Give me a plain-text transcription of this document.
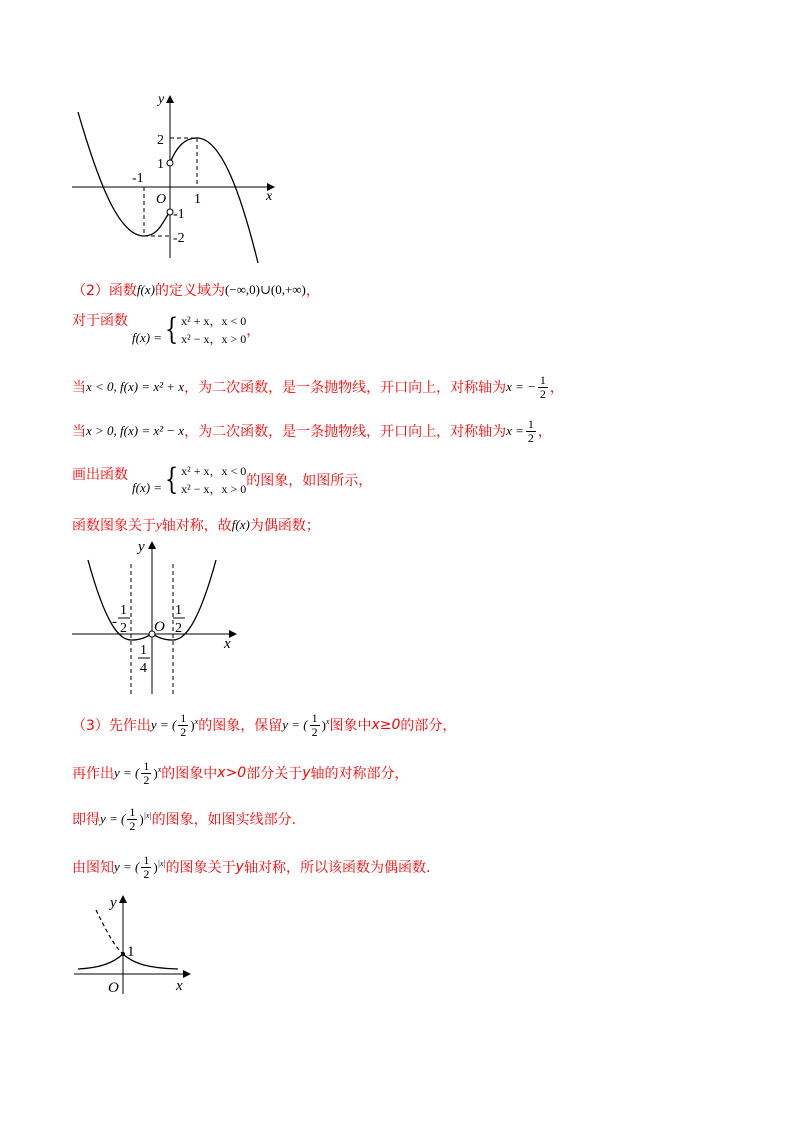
y
x
O
2
1
-1
1
-1
-2
（2）函数 f(x) 的定义域为 (−∞,0)∪(0,+∞) ，
对于函数
f(x) = { x² + x，x < 0
x² − x，x > 0 ，
当 x < 0, f(x) = x² + x ，为二次函数，是一条抛物线，开口向上，对称轴为 x = − $\frac{1}{2}$ ，
当 x > 0, f(x) = x² − x ，为二次函数，是一条抛物线，开口向上，对称轴为 $x = \frac{1}{2}$ ，
画出函数
f(x) = { x² + x，x < 0
x² − x，x > 0 的图象，如图所示，
函数图象关于 y 轴对称，故 f(x) 为偶函数；
y
x
O
-
1
2
1
2
1
4
（3）先作出 y = ( $\frac{1}{2} )^x$ 的图象，保留 y = ( $\frac{1}{2} )^x$ 图象中 x≥0 的部分，
再作出 y = ( $\frac{1}{2} )^x$ 的图象中 x>0 部分关于 y 轴的对称部分，
即得 y = ( $\frac{1}{2} )^{|x|}$ 的图象，如图实线部分.
由图知 y = ( $\frac{1}{2} )^{|x|}$ 的图象关于 y 轴对称，所以该函数为偶函数.
y
x
O
1
